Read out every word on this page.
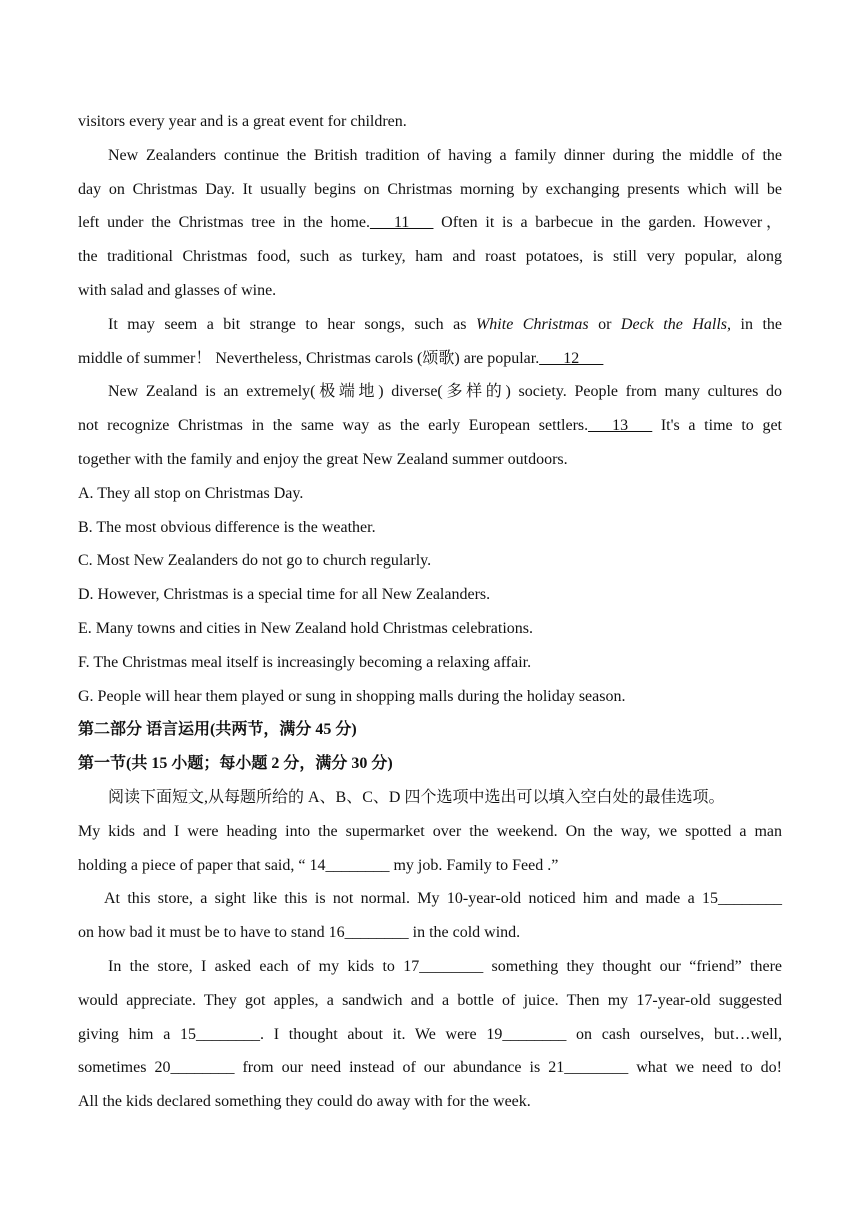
visitors every year and is a great event for children.
New Zealanders continue the British tradition of having a family dinner during the middle of the
day on Christmas Day. It usually begins on Christmas morning by exchanging presents which will be
left under the Christmas tree in the home.___11___ Often it is a barbecue in the garden. However，
the traditional Christmas food, such as turkey, ham and roast potatoes, is still very popular, along
with salad and glasses of wine.
It may seem a bit strange to hear songs, such as White Christmas or Deck the Halls, in the
middle of summer！ Nevertheless, Christmas carols (颂歌) are popular.___12___
New Zealand is an extremely(极端地) diverse(多样的) society. People from many cultures do
not recognize Christmas in the same way as the early European settlers.___13___ It's a time to get
together with the family and enjoy the great New Zealand summer outdoors.
A. They all stop on Christmas Day.
B. The most obvious difference is the weather.
C. Most New Zealanders do not go to church regularly.
D. However, Christmas is a special time for all New Zealanders.
E. Many towns and cities in New Zealand hold Christmas celebrations.
F. The Christmas meal itself is increasingly becoming a relaxing affair.
G. People will hear them played or sung in shopping malls during the holiday season.
第二部分 语言运用(共两节，满分 45 分)
第一节(共 15 小题；每小题 2 分，满分 30 分)
阅读下面短文,从每题所给的 A、B、C、D 四个选项中选出可以填入空白处的最佳选项。
My kids and I were heading into the supermarket over the weekend. On the way, we spotted a man
holding a piece of paper that said, “ 14________ my job. Family to Feed .”
At this store, a sight like this is not normal. My 10-year-old noticed him and made a 15________
on how bad it must be to have to stand 16________ in the cold wind.
In the store, I asked each of my kids to 17________ something they thought our “friend” there
would appreciate. They got apples, a sandwich and a bottle of juice. Then my 17-year-old suggested
giving him a 15________. I thought about it. We were 19________ on cash ourselves, but…well,
sometimes 20________ from our need instead of our abundance is 21________ what we need to do!
All the kids declared something they could do away with for the week.
